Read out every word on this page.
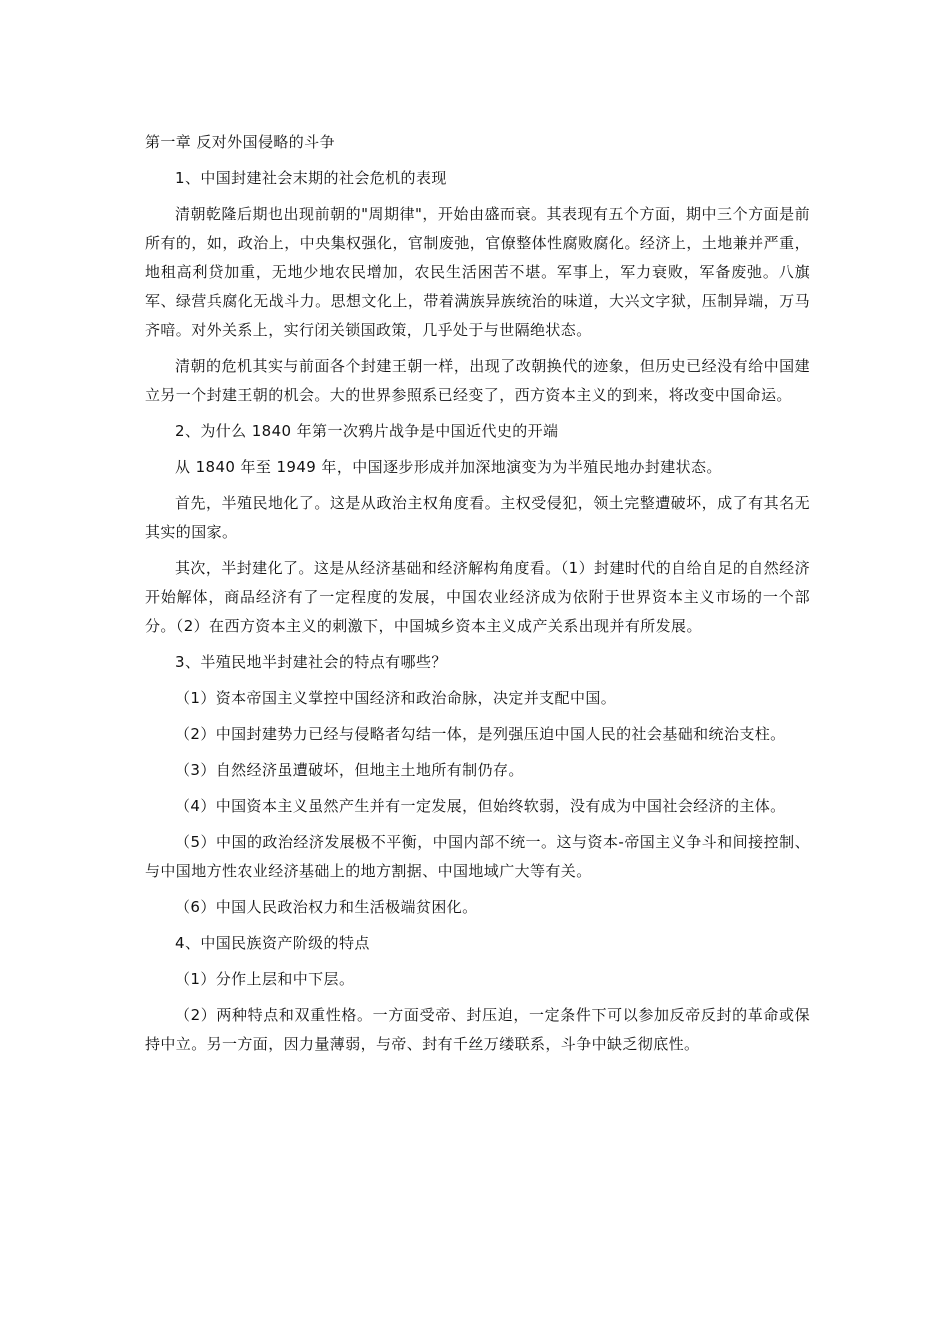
第一章 反对外国侵略的斗争

1、中国封建社会末期的社会危机的表现

清朝乾隆后期也出现前朝的"周期律"，开始由盛而衰。其表现有五个方面，期中三个方面是前所有的，如，政治上，中央集权强化，官制废弛，官僚整体性腐败腐化。经济上，土地兼并严重，地租高利贷加重，无地少地农民增加，农民生活困苦不堪。军事上，军力衰败，军备废弛。八旗军、绿营兵腐化无战斗力。思想文化上，带着满族异族统治的味道，大兴文字狱，压制异端，万马齐喑。对外关系上，实行闭关锁国政策，几乎处于与世隔绝状态。

清朝的危机其实与前面各个封建王朝一样，出现了改朝换代的迹象，但历史已经没有给中国建立另一个封建王朝的机会。大的世界参照系已经变了，西方资本主义的到来，将改变中国命运。

2、为什么 1840 年第一次鸦片战争是中国近代史的开端

从 1840 年至 1949 年，中国逐步形成并加深地演变为为半殖民地办封建状态。

首先，半殖民地化了。这是从政治主权角度看。主权受侵犯，领土完整遭破坏，成了有其名无其实的国家。

其次，半封建化了。这是从经济基础和经济解构角度看。（1）封建时代的自给自足的自然经济开始解体，商品经济有了一定程度的发展，中国农业经济成为依附于世界资本主义市场的一个部分。（2）在西方资本主义的刺激下，中国城乡资本主义成产关系出现并有所发展。

3、半殖民地半封建社会的特点有哪些？

（1）资本帝国主义掌控中国经济和政治命脉，决定并支配中国。

（2）中国封建势力已经与侵略者勾结一体，是列强压迫中国人民的社会基础和统治支柱。

（3）自然经济虽遭破坏，但地主土地所有制仍存。

（4）中国资本主义虽然产生并有一定发展，但始终软弱，没有成为中国社会经济的主体。

（5）中国的政治经济发展极不平衡，中国内部不统一。这与资本-帝国主义争斗和间接控制、与中国地方性农业经济基础上的地方割据、中国地域广大等有关。

（6）中国人民政治权力和生活极端贫困化。

4、中国民族资产阶级的特点

（1）分作上层和中下层。

（2）两种特点和双重性格。一方面受帝、封压迫，一定条件下可以参加反帝反封的革命或保持中立。另一方面，因力量薄弱，与帝、封有千丝万缕联系，斗争中缺乏彻底性。
